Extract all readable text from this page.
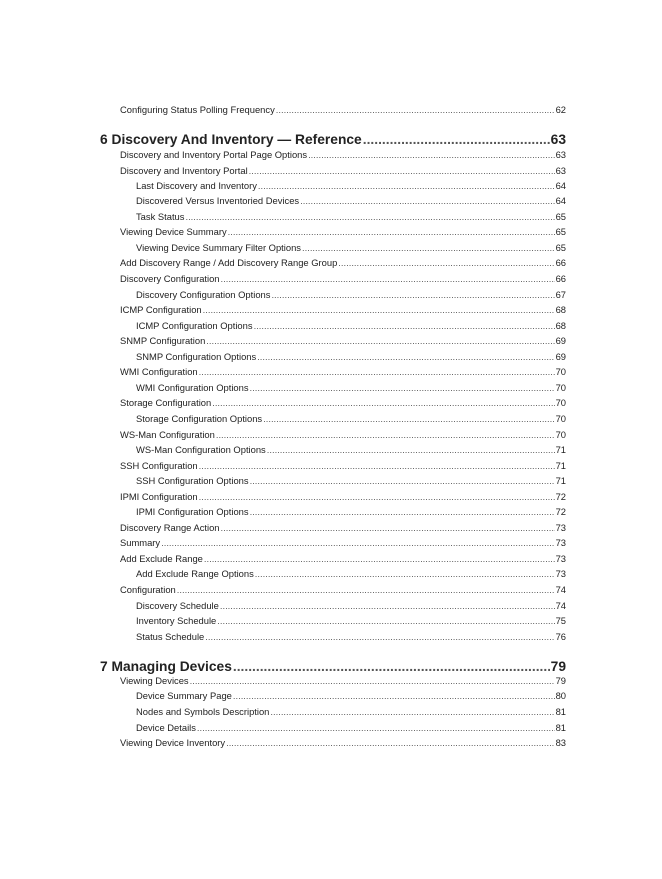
Configuring Status Polling Frequency .....	62
6 Discovery And Inventory — Reference .....	63
Discovery and Inventory Portal Page Options .....	63
Discovery and Inventory Portal .....	63
Last Discovery and Inventory .....	64
Discovered Versus Inventoried Devices .....	64
Task Status .....	65
Viewing Device Summary .....	65
Viewing Device Summary Filter Options .....	65
Add Discovery Range / Add Discovery Range Group .....	66
Discovery Configuration .....	66
Discovery Configuration Options .....	67
ICMP Configuration .....	68
ICMP Configuration Options .....	68
SNMP Configuration .....	69
SNMP Configuration Options .....	69
WMI Configuration .....	70
WMI Configuration Options .....	70
Storage Configuration .....	70
Storage Configuration Options .....	70
WS-Man Configuration .....	70
WS-Man Configuration Options .....	71
SSH Configuration .....	71
SSH Configuration Options .....	71
IPMI Configuration .....	72
IPMI Configuration Options .....	72
Discovery Range Action .....	73
Summary .....	73
Add Exclude Range .....	73
Add Exclude Range Options .....	73
Configuration .....	74
Discovery Schedule .....	74
Inventory Schedule .....	75
Status Schedule .....	76
7 Managing Devices .....	79
Viewing Devices .....	79
Device Summary Page .....	80
Nodes and Symbols Description .....	81
Device Details .....	81
Viewing Device Inventory .....	83
